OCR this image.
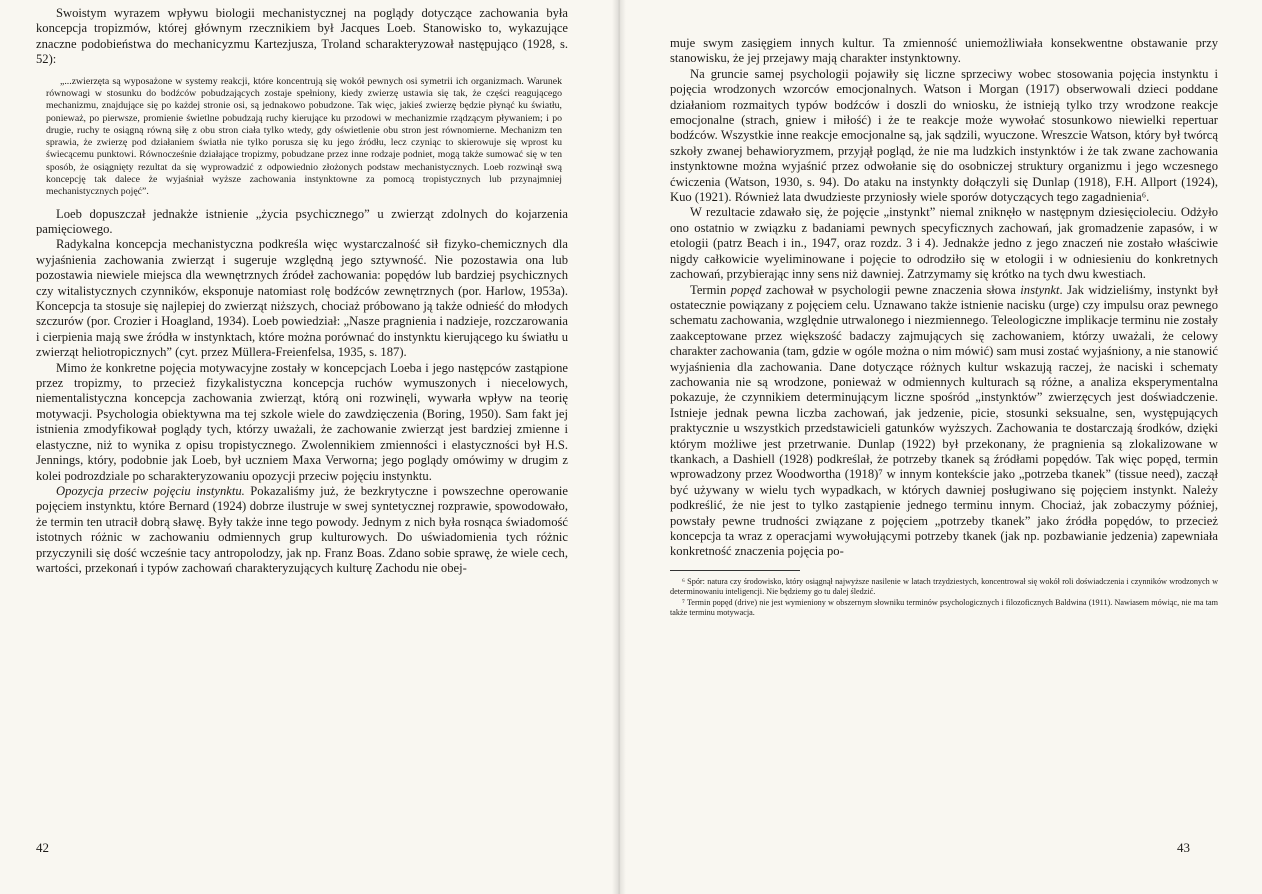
Swoistym wyrazem wpływu biologii mechanistycznej na poglądy dotyczące zachowania była koncepcja tropizmów, której głównym rzecznikiem był Jacques Loeb. Stanowisko to, wykazujące znaczne podobieństwa do mechanicyzmu Kartezjusza, Troland scharakteryzował następująco (1928, s. 52):

„...zwierzęta są wyposażone w systemy reakcji, które koncentrują się wokół pewnych osi symetrii ich organizmach. Warunek równowagi w stosunku do bodźców pobudzających zostaje spełniony, kiedy zwierzę ustawia się tak, że części reagującego mechanizmu, znajdujące się po każdej stronie osi, są jednakowo pobudzone. Tak więc, jakieś zwierzę będzie płynąć ku światłu, ponieważ, po pierwsze, promienie świetlne pobudzają ruchy kierujące ku przodowi w mechanizmie rządzącym pływaniem; i po drugie, ruchy te osiągną równą siłę z obu stron ciała tylko wtedy, gdy oświetlenie obu stron jest równomierne. Mechanizm ten sprawia, że zwierzę pod działaniem światła nie tylko porusza się ku jego źródłu, lecz czyniąc to skierowuje się wprost ku świecącemu punktowi. Równocześnie działające tropizmy, pobudzane przez inne rodzaje podniet, mogą także sumować się w ten sposób, że osiągnięty rezultat da się wyprowadzić z odpowiednio złożonych podstaw mechanistycznych. Loeb rozwinął swą koncepcję tak dalece że wyjaśniał wyższe zachowania instynktowne za pomocą tropistycznych lub przynajmniej mechanistycznych pojęć”.

Loeb dopuszczał jednakże istnienie „życia psychicznego” u zwierząt zdolnych do kojarzenia pamięciowego.

Radykalna koncepcja mechanistyczna podkreśla więc wystarczalność sił fizyko-chemicznych dla wyjaśnienia zachowania zwierząt i sugeruje względną jego sztywność. Nie pozostawia ona lub pozostawia niewiele miejsca dla wewnętrznych źródeł zachowania: popędów lub bardziej psychicznych czy witalistycznych czynników, eksponuje natomiast rolę bodźców zewnętrznych (por. Harlow, 1953a). Koncepcja ta stosuje się najlepiej do zwierząt niższych, chociaż próbowano ją także odnieść do młodych szczurów (por. Crozier i Hoagland, 1934). Loeb powiedział: „Nasze pragnienia i nadzieje, rozczarowania i cierpienia mają swe źródła w instynktach, które można porównać do instynktu kierującego ku światłu u zwierząt heliotropicznych” (cyt. przez Müllera-Freienfelsa, 1935, s. 187).

Mimo że konkretne pojęcia motywacyjne zostały w koncepcjach Loeba i jego następców zastąpione przez tropizmy, to przecież fizykalistyczna koncepcja ruchów wymuszonych i niecelowych, niementalistyczna koncepcja zachowania zwierząt, którą oni rozwinęli, wywarła wpływ na teorię motywacji. Psychologia obiektywna ma tej szkole wiele do zawdzięczenia (Boring, 1950). Sam fakt jej istnienia zmodyfikował poglądy tych, którzy uważali, że zachowanie zwierząt jest bardziej zmienne i elastyczne, niż to wynika z opisu tropistycznego. Zwolennikiem zmienności i elastyczności był H.S. Jennings, który, podobnie jak Loeb, był uczniem Maxa Verworna; jego poglądy omówimy w drugim z kolei podrozdziale po scharakteryzowaniu opozycji przeciw pojęciu instynktu.

Opozycja przeciw pojęciu instynktu. Pokazaliśmy już, że bezkrytyczne i powszechne operowanie pojęciem instynktu, które Bernard (1924) dobrze ilustruje w swej syntetycznej rozprawie, spowodowało, że termin ten utracił dobrą sławę. Były także inne tego powody. Jednym z nich była rosnąca świadomość istotnych różnic w zachowaniu odmiennych grup kulturowych. Do uświadomienia tych różnic przyczynili się dość wcześnie tacy antropolodzy, jak np. Franz Boas. Zdano sobie sprawę, że wiele cech, wartości, przekonań i typów zachowań charakteryzujących kulturę Zachodu nie obej-

42

muje swym zasięgiem innych kultur. Ta zmienność uniemożliwiała konsekwentne obstawanie przy stanowisku, że jej przejawy mają charakter instynktowny.

Na gruncie samej psychologii pojawiły się liczne sprzeciwy wobec stosowania pojęcia instynktu i pojęcia wrodzonych wzorców emocjonalnych. Watson i Morgan (1917) obserwowali dzieci poddane działaniom rozmaitych typów bodźców i doszli do wniosku, że istnieją tylko trzy wrodzone reakcje emocjonalne (strach, gniew i miłość) i że te reakcje może wywołać stosunkowo niewielki repertuar bodźców. Wszystkie inne reakcje emocjonalne są, jak sądzili, wyuczone. Wreszcie Watson, który był twórcą szkoły zwanej behawioryzmem, przyjął pogląd, że nie ma ludzkich instynktów i że tak zwane zachowania instynktowne można wyjaśnić przez odwołanie się do osobniczej struktury organizmu i jego wczesnego ćwiczenia (Watson, 1930, s. 94). Do ataku na instynkty dołączyli się Dunlap (1918), F.H. Allport (1924), Kuo (1921). Również lata dwudzieste przyniosły wiele sporów dotyczących tego zagadnienia⁶.

W rezultacie zdawało się, że pojęcie „instynkt” niemal zniknęło w następnym dziesięcioleciu. Odżyło ono ostatnio w związku z badaniami pewnych specyficznych zachowań, jak gromadzenie zapasów, i w etologii (patrz Beach i in., 1947, oraz rozdz. 3 i 4). Jednakże jedno z jego znaczeń nie zostało właściwie nigdy całkowicie wyeliminowane i pojęcie to odrodziło się w etologii i w odniesieniu do konkretnych zachowań, przybierając inny sens niż dawniej. Zatrzymamy się krótko na tych dwu kwestiach.

Termin popęd zachował w psychologii pewne znaczenia słowa instynkt. Jak widzieliśmy, instynkt był ostatecznie powiązany z pojęciem celu. Uznawano także istnienie nacisku (urge) czy impulsu oraz pewnego schematu zachowania, względnie utrwalonego i niezmiennego. Teleologiczne implikacje terminu nie zostały zaakceptowane przez większość badaczy zajmujących się zachowaniem, którzy uważali, że celowy charakter zachowania (tam, gdzie w ogóle można o nim mówić) sam musi zostać wyjaśniony, a nie stanowić wyjaśnienia dla zachowania. Dane dotyczące różnych kultur wskazują raczej, że naciski i schematy zachowania nie są wrodzone, ponieważ w odmiennych kulturach są różne, a analiza eksperymentalna pokazuje, że czynnikiem determinującym liczne spośród „instynktów” zwierzęcych jest doświadczenie. Istnieje jednak pewna liczba zachowań, jak jedzenie, picie, stosunki seksualne, sen, występujących praktycznie u wszystkich przedstawicieli gatunków wyższych. Zachowania te dostarczają środków, dzięki którym możliwe jest przetrwanie. Dunlap (1922) był przekonany, że pragnienia są zlokalizowane w tkankach, a Dashiell (1928) podkreślał, że potrzeby tkanek są źródłami popędów. Tak więc popęd, termin wprowadzony przez Woodwortha (1918)⁷ w innym kontekście jako „potrzeba tkanek” (tissue need), zaczął być używany w wielu tych wypadkach, w których dawniej posługiwano się pojęciem instynkt. Należy podkreślić, że nie jest to tylko zastąpienie jednego terminu innym. Chociaż, jak zobaczymy później, powstały pewne trudności związane z pojęciem „potrzeby tkanek” jako źródła popędów, to przecież koncepcja ta wraz z operacjami wywołującymi potrzeby tkanek (jak np. pozbawianie jedzenia) zapewniała konkretność znaczenia pojęcia po-

⁶ Spór: natura czy środowisko, który osiągnął najwyższe nasilenie w latach trzydziestych, koncentrował się wokół roli doświadczenia i czynników wrodzonych w determinowaniu inteligencji. Nie będziemy go tu dalej śledzić.

⁷ Termin popęd (drive) nie jest wymieniony w obszernym słowniku terminów psychologicznych i filozoficznych Baldwina (1911). Nawiasem mówiąc, nie ma tam także terminu motywacja.

43
